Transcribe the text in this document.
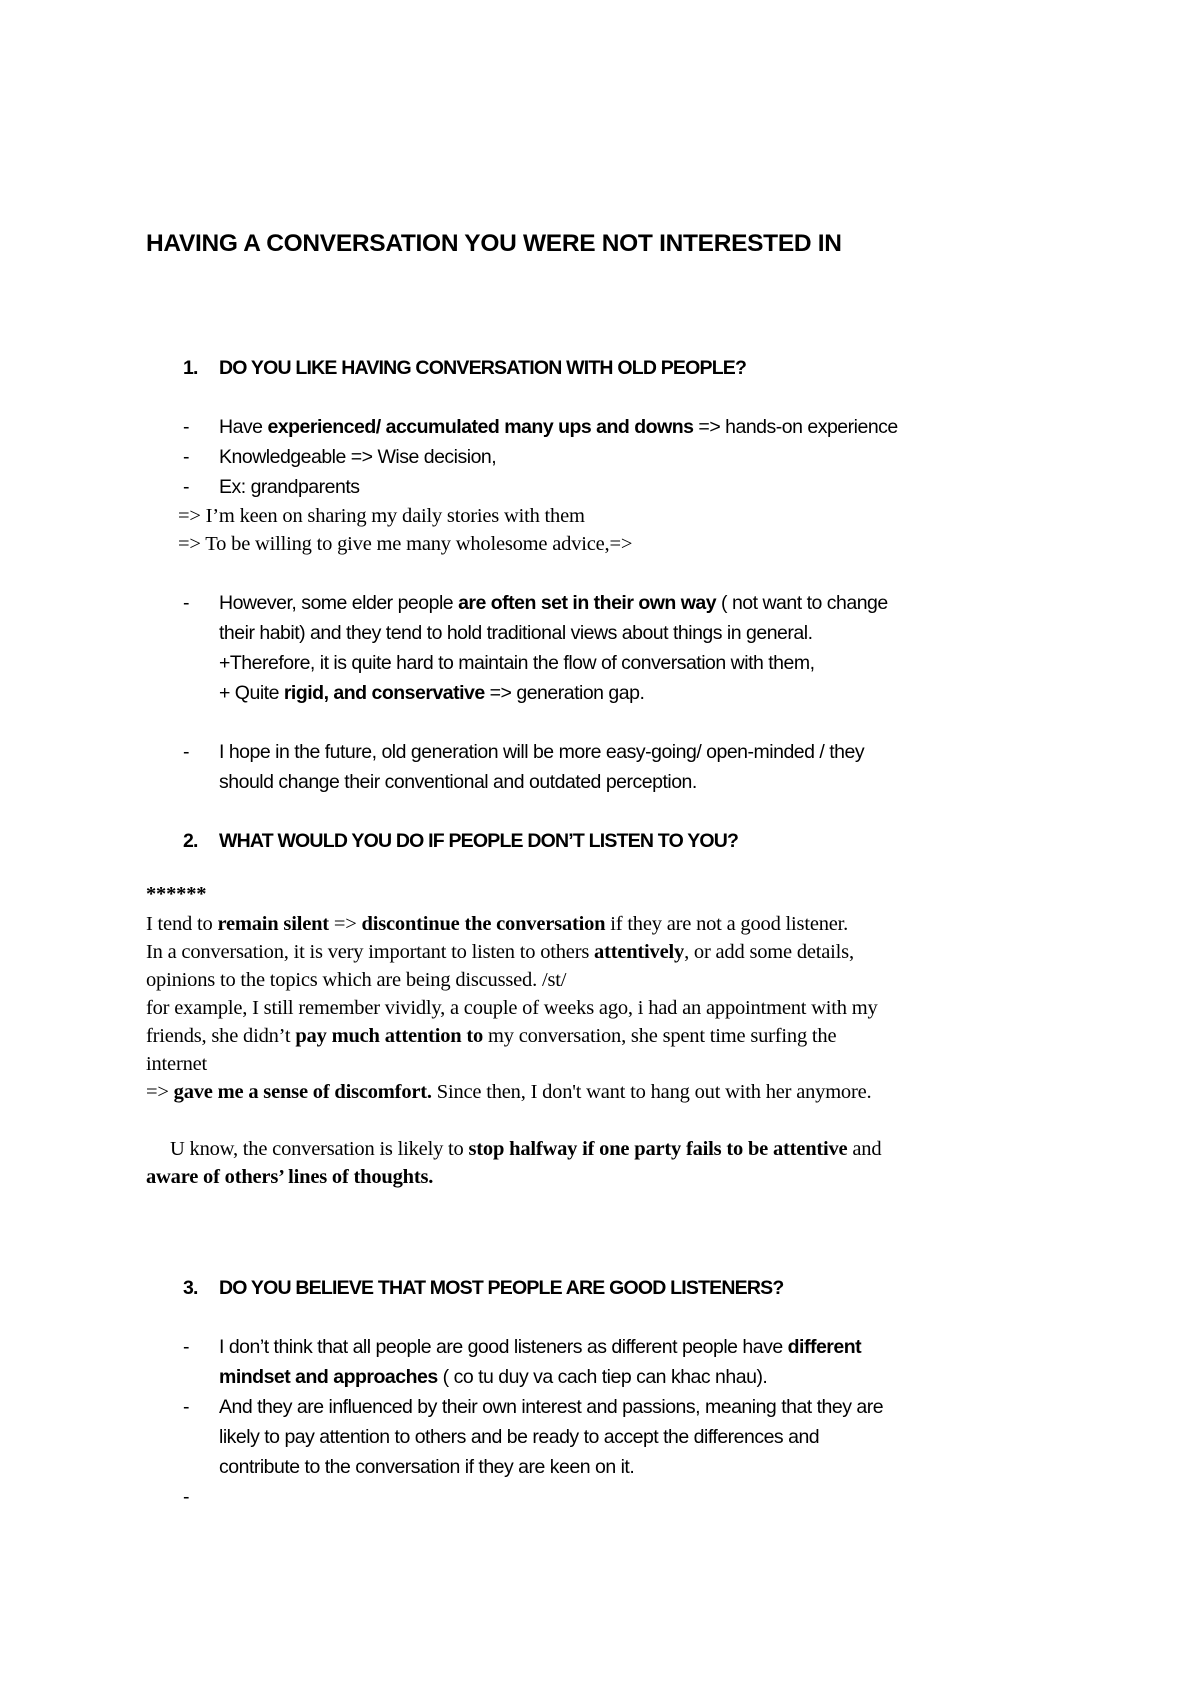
HAVING A CONVERSATION YOU WERE NOT INTERESTED IN
1. DO YOU LIKE HAVING CONVERSATION WITH OLD PEOPLE?
- Have experienced/ accumulated many ups and downs => hands-on experience
- Knowledgeable => Wise decision,
- Ex: grandparents
=> I’m keen on sharing my daily stories with them
=> To be willing to give me many wholesome advice,=>
- However, some elder people are often set in their own way ( not want to change
their habit) and they tend to hold traditional views about things in general.
+Therefore, it is quite hard to maintain the flow of conversation with them,
+ Quite rigid, and conservative => generation gap.
- I hope in the future, old generation will be more easy-going/ open-minded / they
should change their conventional and outdated perception.
2. WHAT WOULD YOU DO IF PEOPLE DON’T LISTEN TO YOU?
******
I tend to remain silent => discontinue the conversation if they are not a good listener.
In a conversation, it is very important to listen to others attentively, or add some details,
opinions to the topics which are being discussed. /st/
for example, I still remember vividly, a couple of weeks ago, i had an appointment with my
friends, she didn’t pay much attention to my conversation, she spent time surfing the
internet
=> gave me a sense of discomfort. Since then, I don't want to hang out with her anymore.
U know, the conversation is likely to stop halfway if one party fails to be attentive and
aware of others’ lines of thoughts.
3. DO YOU BELIEVE THAT MOST PEOPLE ARE GOOD LISTENERS?
- I don’t think that all people are good listeners as different people have different
mindset and approaches ( co tu duy va cach tiep can khac nhau).
- And they are influenced by their own interest and passions, meaning that they are
likely to pay attention to others and be ready to accept the differences and
contribute to the conversation if they are keen on it.
-
